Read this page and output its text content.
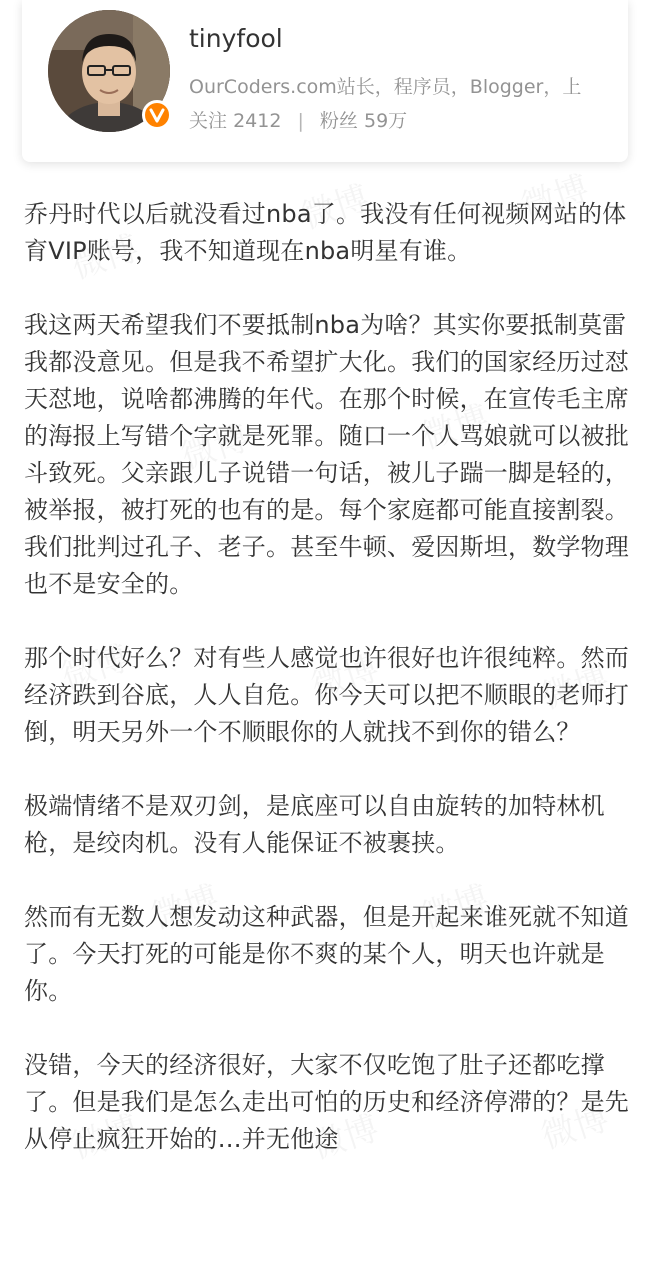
tinyfool
OurCoders.com站长，程序员，Blogger，上
关注 2412 | 粉丝 59万

乔丹时代以后就没看过nba了。我没有任何视频网站的体育VIP账号，我不知道现在nba明星有谁。

我这两天希望我们不要抵制nba为啥？其实你要抵制莫雷我都没意见。但是我不希望扩大化。我们的国家经历过怼天怼地，说啥都沸腾的年代。在那个时候，在宣传毛主席的海报上写错个字就是死罪。随口一个人骂娘就可以被批斗致死。父亲跟儿子说错一句话，被儿子踹一脚是轻的，被举报，被打死的也有的是。每个家庭都可能直接割裂。我们批判过孔子、老子。甚至牛顿、爱因斯坦，数学物理也不是安全的。

那个时代好么？对有些人感觉也许很好也许很纯粹。然而经济跌到谷底，人人自危。你今天可以把不顺眼的老师打倒，明天另外一个不顺眼你的人就找不到你的错么？

极端情绪不是双刃剑，是底座可以自由旋转的加特林机枪，是绞肉机。没有人能保证不被裹挟。

然而有无数人想发动这种武器，但是开起来谁死就不知道了。今天打死的可能是你不爽的某个人，明天也许就是你。

没错，今天的经济很好，大家不仅吃饱了肚子还都吃撑了。但是我们是怎么走出可怕的历史和经济停滞的？是先从停止疯狂开始的…并无他途
